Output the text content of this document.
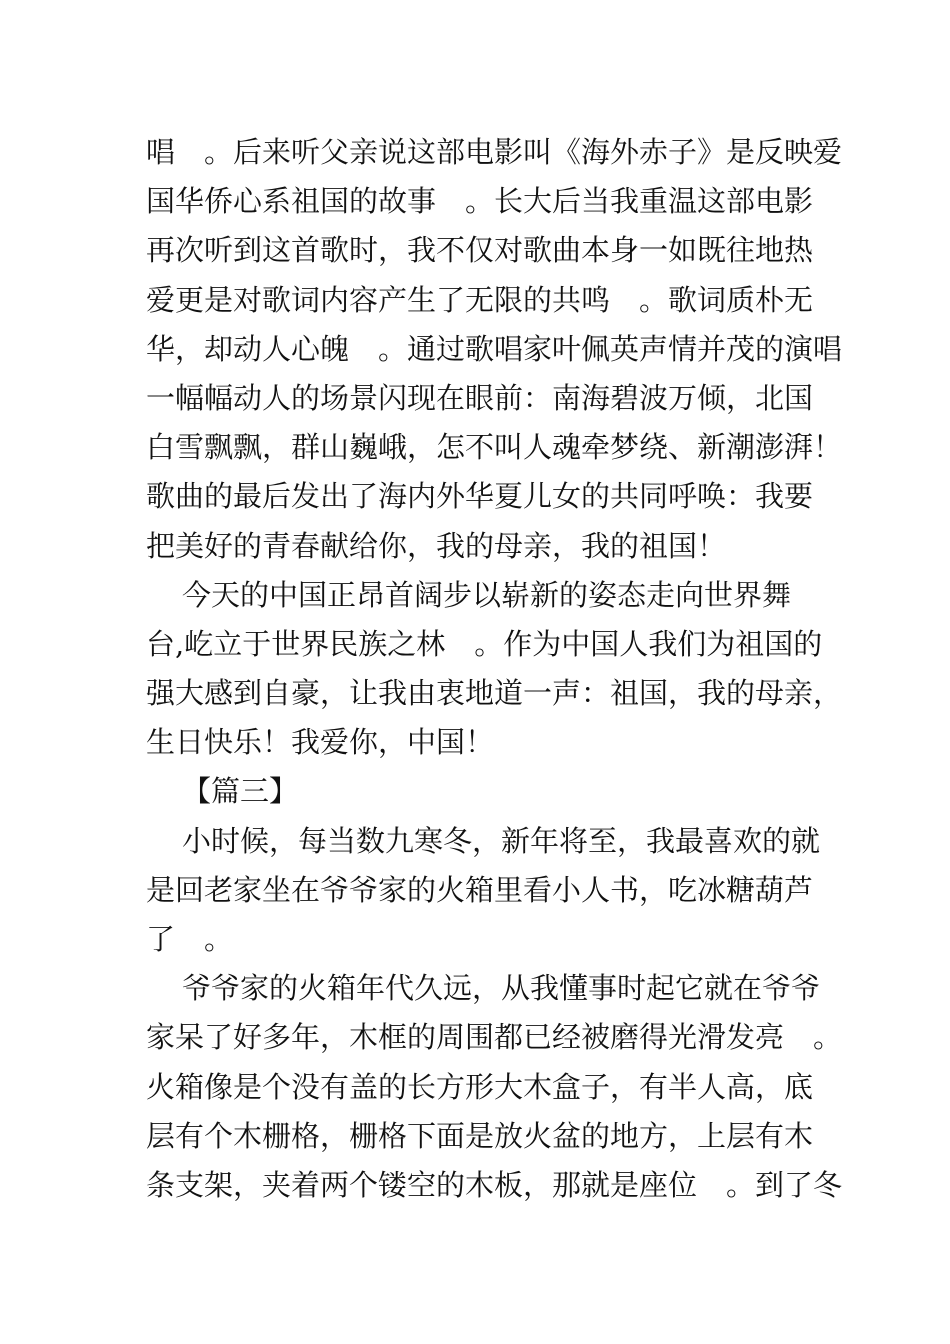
唱　。后来听父亲说这部电影叫《海外赤子》是反映爱
国华侨心系祖国的故事　。长大后当我重温这部电影
再次听到这首歌时，我不仅对歌曲本身一如既往地热
爱更是对歌词内容产生了无限的共鸣　。歌词质朴无
华，却动人心魄　。通过歌唱家叶佩英声情并茂的演唱
一幅幅动人的场景闪现在眼前：南海碧波万倾，北国
白雪飘飘，群山巍峨，怎不叫人魂牵梦绕、新潮澎湃！
歌曲的最后发出了海内外华夏儿女的共同呼唤：我要
把美好的青春献给你，我的母亲，我的祖国！
今天的中国正昂首阔步以崭新的姿态走向世界舞
台,屹立于世界民族之林　。作为中国人我们为祖国的
强大感到自豪，让我由衷地道一声：祖国，我的母亲，
生日快乐！我爱你，中国！
【篇三】
小时候，每当数九寒冬，新年将至，我最喜欢的就
是回老家坐在爷爷家的火箱里看小人书，吃冰糖葫芦
了　。
爷爷家的火箱年代久远，从我懂事时起它就在爷爷
家呆了好多年，木框的周围都已经被磨得光滑发亮　。
火箱像是个没有盖的长方形大木盒子，有半人高，底
层有个木栅格，栅格下面是放火盆的地方，上层有木
条支架，夹着两个镂空的木板，那就是座位　。到了冬
